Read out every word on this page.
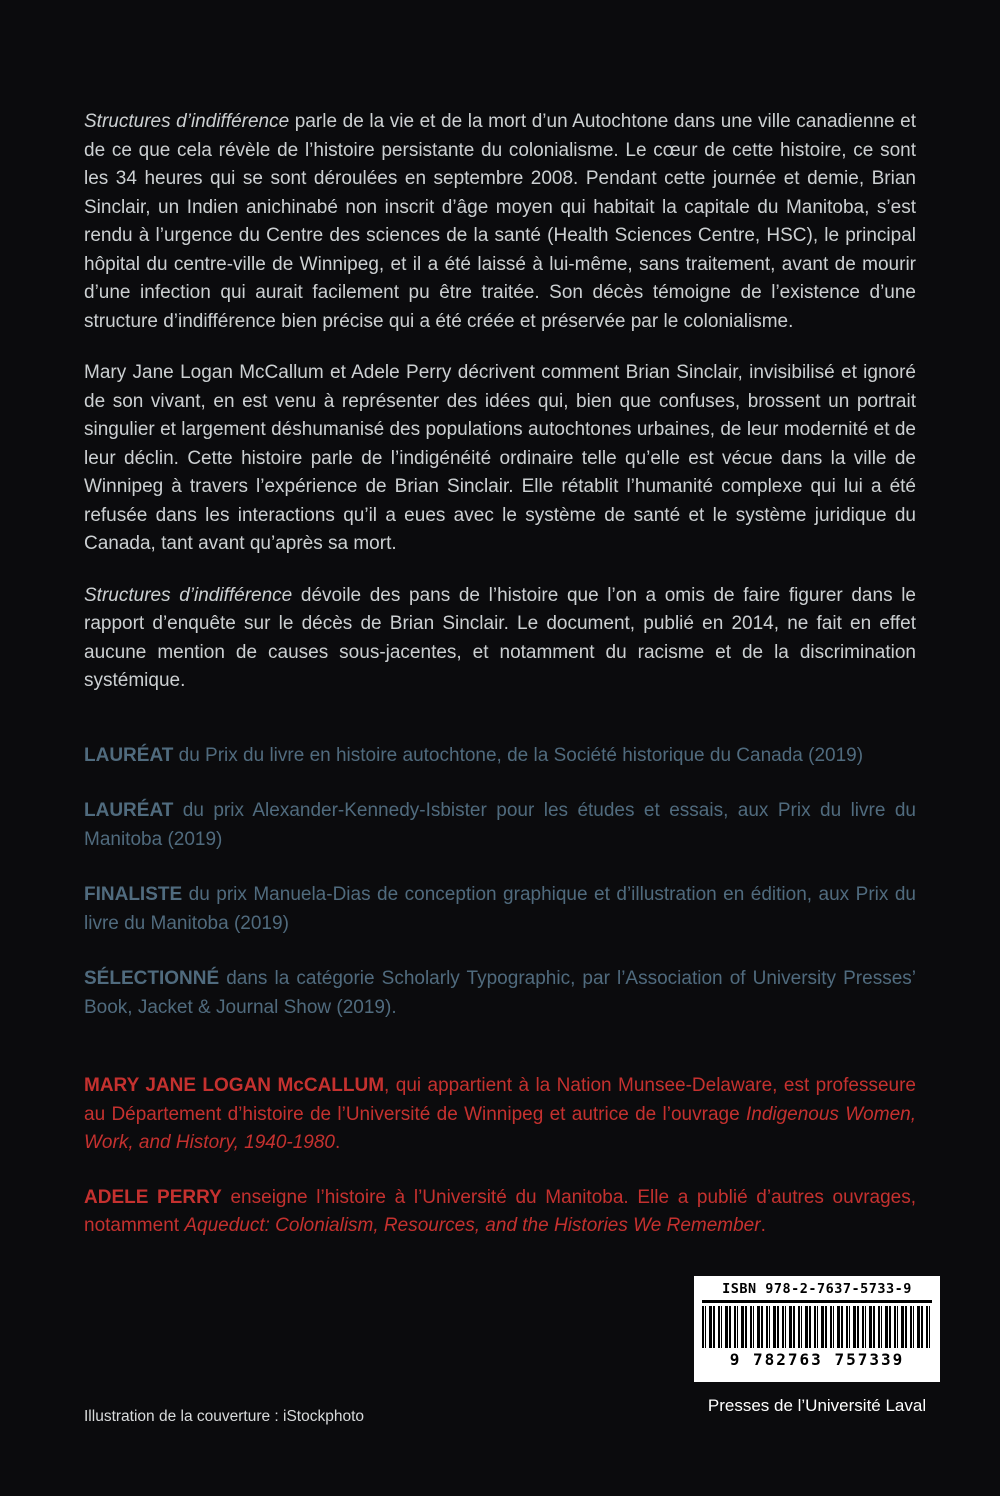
Structures d’indifférence parle de la vie et de la mort d’un Autochtone dans une ville canadienne et de ce que cela révèle de l’histoire persistante du colonialisme. Le cœur de cette histoire, ce sont les 34 heures qui se sont déroulées en septembre 2008. Pendant cette journée et demie, Brian Sinclair, un Indien anichinabé non inscrit d’âge moyen qui habitait la capitale du Manitoba, s’est rendu à l’urgence du Centre des sciences de la santé (Health Sciences Centre, HSC), le principal hôpital du centre-ville de Winnipeg, et il a été laissé à lui-même, sans traitement, avant de mourir d’une infection qui aurait facilement pu être traitée. Son décès témoigne de l’existence d’une structure d’indifférence bien précise qui a été créée et préservée par le colonialisme.

Mary Jane Logan McCallum et Adele Perry décrivent comment Brian Sinclair, invisibilisé et ignoré de son vivant, en est venu à représenter des idées qui, bien que confuses, brossent un portrait singulier et largement déshumanisé des populations autochtones urbaines, de leur modernité et de leur déclin. Cette histoire parle de l’indigénéité ordinaire telle qu’elle est vécue dans la ville de Winnipeg à travers l’expérience de Brian Sinclair. Elle rétablit l’humanité complexe qui lui a été refusée dans les interactions qu’il a eues avec le système de santé et le système juridique du Canada, tant avant qu’après sa mort.

Structures d’indifférence dévoile des pans de l’histoire que l’on a omis de faire figurer dans le rapport d’enquête sur le décès de Brian Sinclair. Le document, publié en 2014, ne fait en effet aucune mention de causes sous-jacentes, et notamment du racisme et de la discrimination systémique.

LAURÉAT du Prix du livre en histoire autochtone, de la Société historique du Canada (2019)

LAURÉAT du prix Alexander-Kennedy-Isbister pour les études et essais, aux Prix du livre du Manitoba (2019)

FINALISTE du prix Manuela-Dias de conception graphique et d’illustration en édition, aux Prix du livre du Manitoba (2019)

SÉLECTIONNÉ dans la catégorie Scholarly Typographic, par l’Association of University Presses’ Book, Jacket & Journal Show (2019).

MARY JANE LOGAN McCALLUM, qui appartient à la Nation Munsee-Delaware, est professeure au Département d’histoire de l’Université de Winnipeg et autrice de l’ouvrage Indigenous Women, Work, and History, 1940-1980.

ADELE PERRY enseigne l’histoire à l’Université du Manitoba. Elle a publié d’autres ouvrages, notamment Aqueduct: Colonialism, Resources, and the Histories We Remember.

Illustration de la couverture : iStockphoto
ISBN 978-2-7637-5733-9
9 782763 757339
Presses de l’Université Laval
